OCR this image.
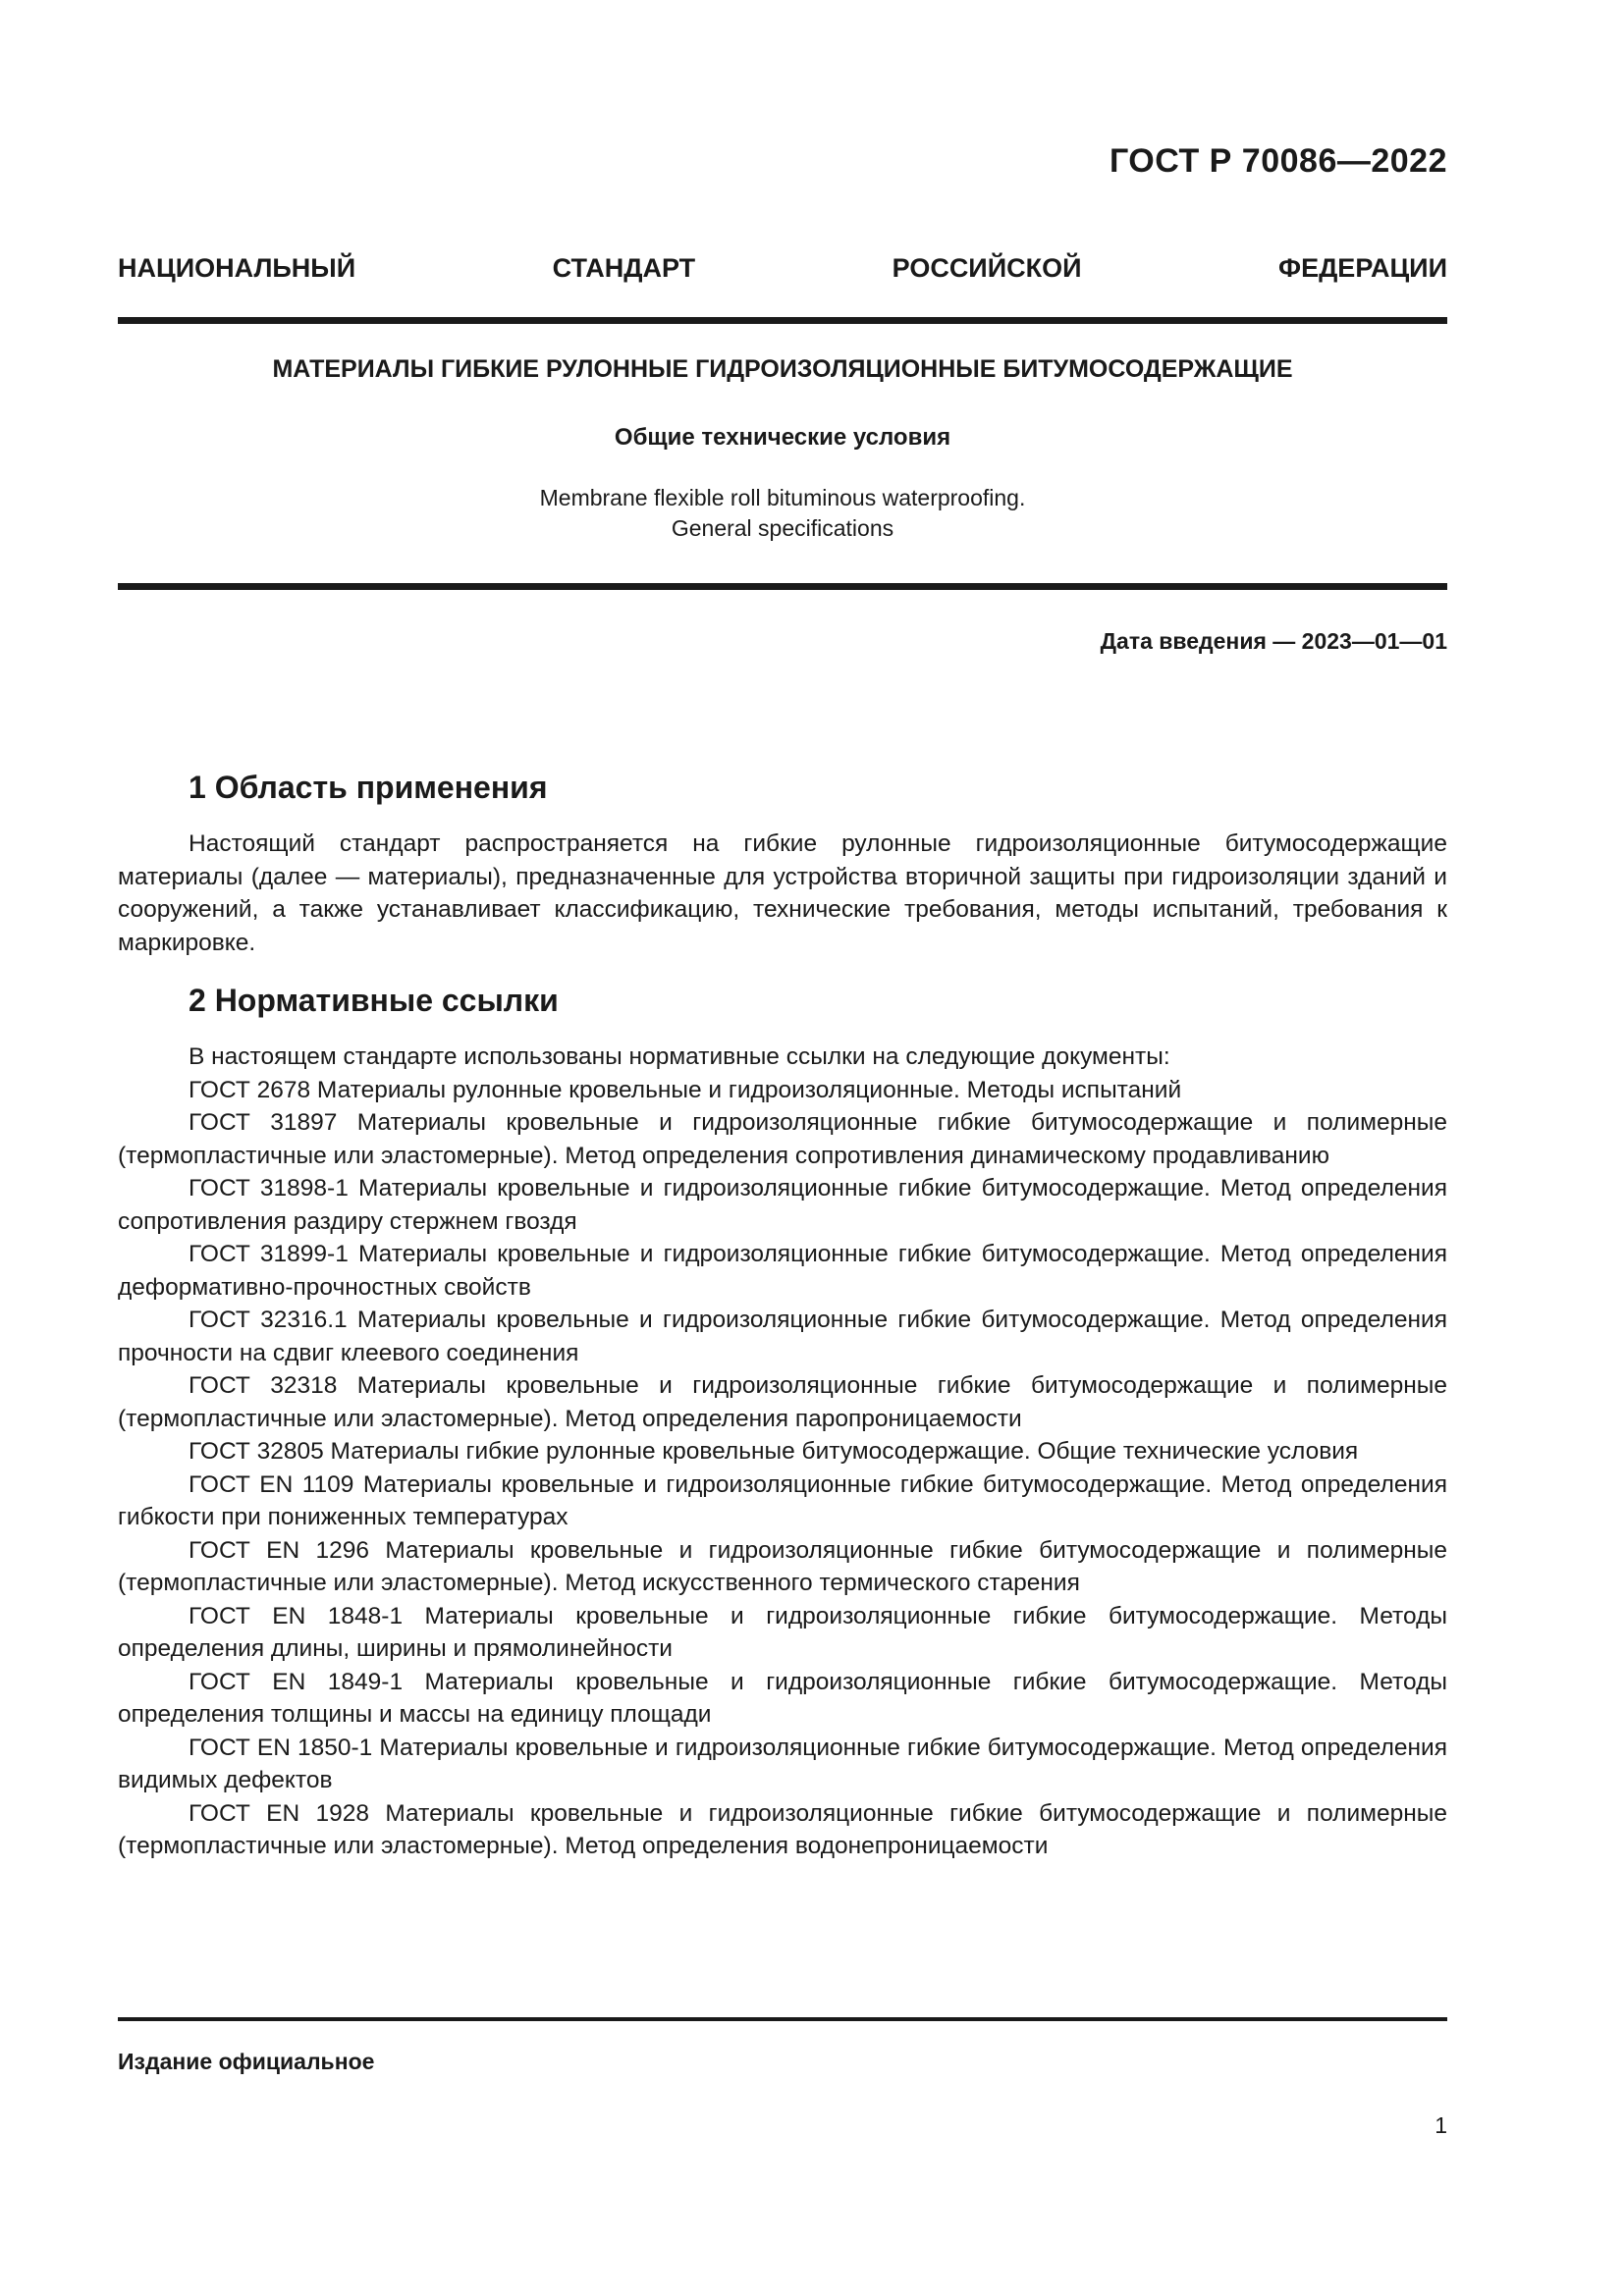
ГОСТ Р 70086—2022
НАЦИОНАЛЬНЫЙ СТАНДАРТ РОССИЙСКОЙ ФЕДЕРАЦИИ
МАТЕРИАЛЫ ГИБКИЕ РУЛОННЫЕ ГИДРОИЗОЛЯЦИОННЫЕ БИТУМОСОДЕРЖАЩИЕ
Общие технические условия
Membrane flexible roll bituminous waterproofing.
General specifications
Дата введения — 2023—01—01
1 Область применения

Настоящий стандарт распространяется на гибкие рулонные гидроизоляционные битумосодержащие материалы (далее — материалы), предназначенные для устройства вторичной защиты при гидроизоляции зданий и сооружений, а также устанавливает классификацию, технические требования, методы испытаний, требования к маркировке.

2 Нормативные ссылки

В настоящем стандарте использованы нормативные ссылки на следующие документы:

ГОСТ 2678 Материалы рулонные кровельные и гидроизоляционные. Методы испытаний
ГОСТ 31897 Материалы кровельные и гидроизоляционные гибкие битумосодержащие и полимерные (термопластичные или эластомерные). Метод определения сопротивления динамическому продавливанию
ГОСТ 31898-1 Материалы кровельные и гидроизоляционные гибкие битумосодержащие. Метод определения сопротивления раздиру стержнем гвоздя
ГОСТ 31899-1 Материалы кровельные и гидроизоляционные гибкие битумосодержащие. Метод определения деформативно-прочностных свойств
ГОСТ 32316.1 Материалы кровельные и гидроизоляционные гибкие битумосодержащие. Метод определения прочности на сдвиг клеевого соединения
ГОСТ 32318 Материалы кровельные и гидроизоляционные гибкие битумосодержащие и полимерные (термопластичные или эластомерные). Метод определения паропроницаемости
ГОСТ 32805 Материалы гибкие рулонные кровельные битумосодержащие. Общие технические условия
ГОСТ EN 1109 Материалы кровельные и гидроизоляционные гибкие битумосодержащие. Метод определения гибкости при пониженных температурах
ГОСТ EN 1296 Материалы кровельные и гидроизоляционные гибкие битумосодержащие и полимерные (термопластичные или эластомерные). Метод искусственного термического старения
ГОСТ EN 1848-1 Материалы кровельные и гидроизоляционные гибкие битумосодержащие. Методы определения длины, ширины и прямолинейности
ГОСТ EN 1849-1 Материалы кровельные и гидроизоляционные гибкие битумосодержащие. Методы определения толщины и массы на единицу площади
ГОСТ EN 1850-1 Материалы кровельные и гидроизоляционные гибкие битумосодержащие. Метод определения видимых дефектов
ГОСТ EN 1928 Материалы кровельные и гидроизоляционные гибкие битумосодержащие и полимерные (термопластичные или эластомерные). Метод определения водонепроницаемости
Издание официальное
1
